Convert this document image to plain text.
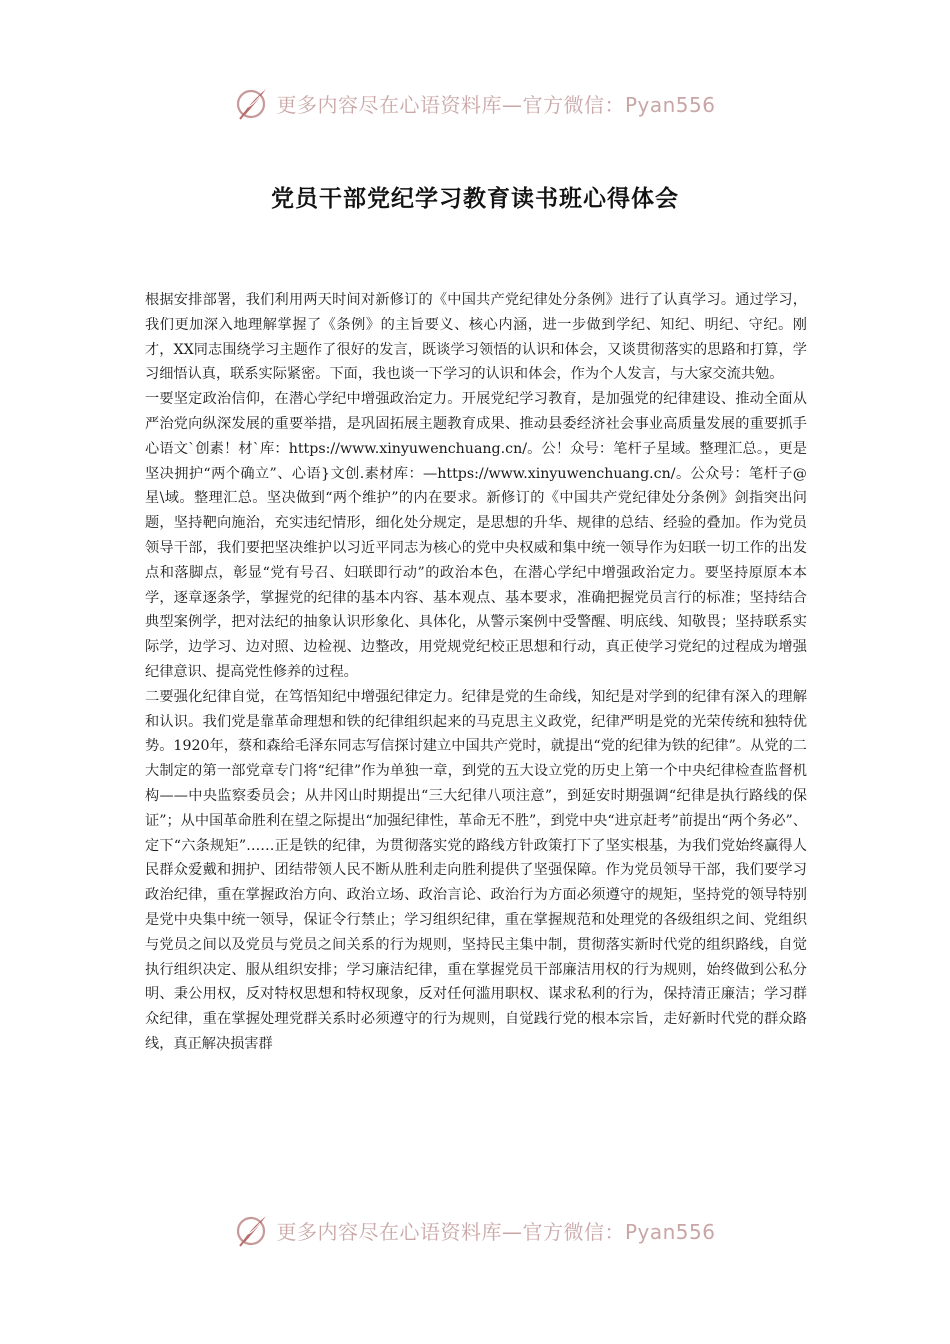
更多内容尽在心语资料库—官方微信：Pyan556
党员干部党纪学习教育读书班心得体会

根据安排部署，我们利用两天时间对新修订的《中国共产党纪律处分条例》进行了认真学习。通过学习，我们更加深入地理解掌握了《条例》的主旨要义、核心内涵，进一步做到学纪、知纪、明纪、守纪。刚才，XX同志围绕学习主题作了很好的发言，既谈学习领悟的认识和体会，又谈贯彻落实的思路和打算，学习细悟认真，联系实际紧密。下面，我也谈一下学习的认识和体会，作为个人发言，与大家交流共勉。

一要坚定政治信仰，在潜心学纪中增强政治定力。开展党纪学习教育，是加强党的纪律建设、推动全面从严治党向纵深发展的重要举措，是巩固拓展主题教育成果、推动县委经济社会事业高质量发展的重要抓手心语文`创素！材`库：https://www.xinyuwenchuang.cn/。公！众号：笔杆子星域。整理汇总。，更是坚决拥护“两个确立”、心语}文创.素材库：—https://www.xinyuwenchuang.cn/。公众号：笔杆子@星\域。整理汇总。坚决做到“两个维护”的内在要求。新修订的《中国共产党纪律处分条例》剑指突出问题，坚持靶向施治，充实违纪情形，细化处分规定，是思想的升华、规律的总结、经验的叠加。作为党员领导干部，我们要把坚决维护以习近平同志为核心的党中央权威和集中统一领导作为妇联一切工作的出发点和落脚点，彰显“党有号召、妇联即行动”的政治本色，在潜心学纪中增强政治定力。要坚持原原本本学，逐章逐条学，掌握党的纪律的基本内容、基本观点、基本要求，准确把握党员言行的标准；坚持结合典型案例学，把对法纪的抽象认识形象化、具体化，从警示案例中受警醒、明底线、知敬畏；坚持联系实际学，边学习、边对照、边检视、边整改，用党规党纪校正思想和行动，真正使学习党纪的过程成为增强纪律意识、提高党性修养的过程。

二要强化纪律自觉，在笃悟知纪中增强纪律定力。纪律是党的生命线，知纪是对学到的纪律有深入的理解和认识。我们党是靠革命理想和铁的纪律组织起来的马克思主义政党，纪律严明是党的光荣传统和独特优势。1920年，蔡和森给毛泽东同志写信探讨建立中国共产党时，就提出“党的纪律为铁的纪律”。从党的二大制定的第一部党章专门将“纪律”作为单独一章，到党的五大设立党的历史上第一个中央纪律检查监督机构——中央监察委员会；从井冈山时期提出“三大纪律八项注意”，到延安时期强调“纪律是执行路线的保证”；从中国革命胜利在望之际提出“加强纪律性，革命无不胜”，到党中央“进京赶考”前提出“两个务必”、定下“六条规矩”……正是铁的纪律，为贯彻落实党的路线方针政策打下了坚实根基，为我们党始终赢得人民群众爱戴和拥护、团结带领人民不断从胜利走向胜利提供了坚强保障。作为党员领导干部，我们要学习政治纪律，重在掌握政治方向、政治立场、政治言论、政治行为方面必须遵守的规矩，坚持党的领导特别是党中央集中统一领导，保证令行禁止；学习组织纪律，重在掌握规范和处理党的各级组织之间、党组织与党员之间以及党员与党员之间关系的行为规则，坚持民主集中制，贯彻落实新时代党的组织路线，自觉执行组织决定、服从组织安排；学习廉洁纪律，重在掌握党员干部廉洁用权的行为规则，始终做到公私分明、秉公用权，反对特权思想和特权现象，反对任何滥用职权、谋求私利的行为，保持清正廉洁；学习群众纪律，重在掌握处理党群关系时必须遵守的行为规则，自觉践行党的根本宗旨，走好新时代党的群众路线，真正解决损害群

更多内容尽在心语资料库—官方微信：Pyan556
